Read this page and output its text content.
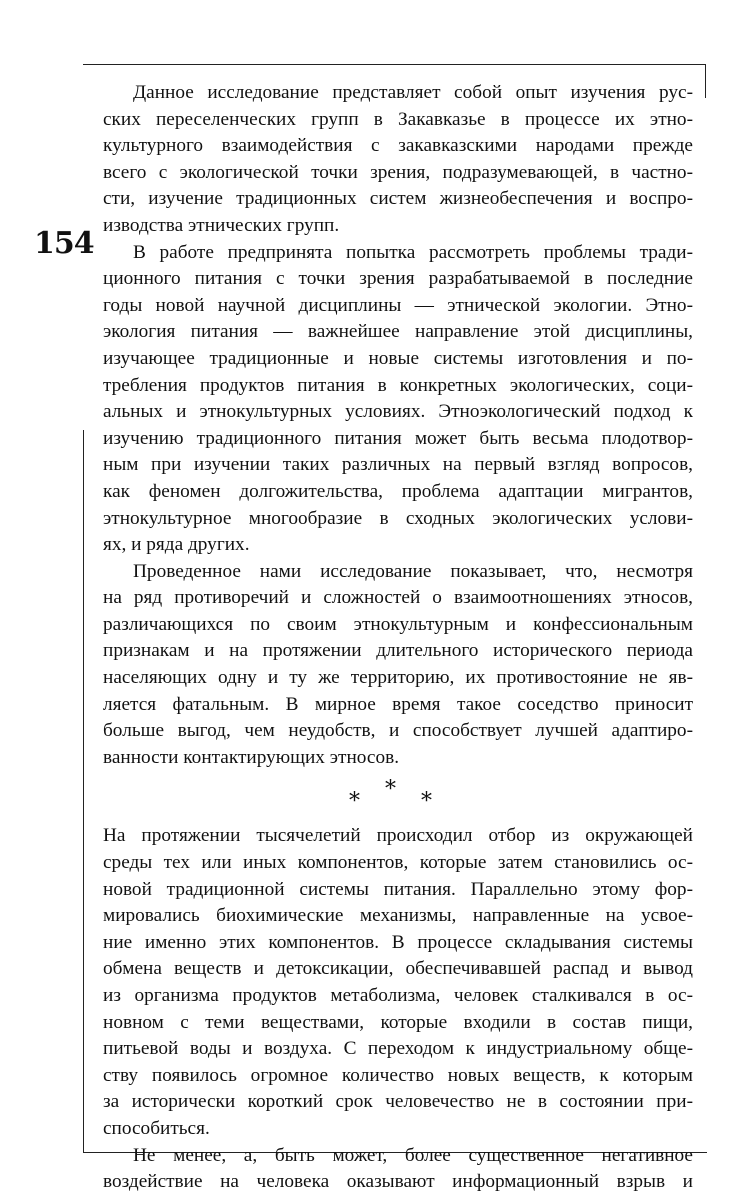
154

Данное исследование представляет собой опыт изучения рус-
ских переселенческих групп в Закавказье в процессе их этно-
культурного взаимодействия с закавказскими народами прежде
всего с экологической точки зрения, подразумевающей, в частно-
сти, изучение традиционных систем жизнеобеспечения и воспро-
изводства этнических групп.

В работе предпринята попытка рассмотреть проблемы тради-
ционного питания с точки зрения разрабатываемой в последние
годы новой научной дисциплины — этнической экологии. Этно-
экология питания — важнейшее направление этой дисциплины,
изучающее традиционные и новые системы изготовления и по-
требления продуктов питания в конкретных экологических, соци-
альных и этнокультурных условиях. Этноэкологический подход к
изучению традиционного питания может быть весьма плодотвор-
ным при изучении таких различных на первый взгляд вопросов,
как феномен долгожительства, проблема адаптации мигрантов,
этнокультурное многообразие в сходных экологических услови-
ях, и ряда других.

Проведенное нами исследование показывает, что, несмотря
на ряд противоречий и сложностей о взаимоотношениях этносов,
различающихся по своим этнокультурным и конфессиональным
признакам и на протяжении длительного исторического периода
населяющих одну и ту же территорию, их противостояние не яв-
ляется фатальным. В мирное время такое соседство приносит
больше выгод, чем неудобств, и способствует лучшей адаптиро-
ванности контактирующих этносов.

* * *

На протяжении тысячелетий происходил отбор из окружающей
среды тех или иных компонентов, которые затем становились ос-
новой традиционной системы питания. Параллельно этому фор-
мировались биохимические механизмы, направленные на усвое-
ние именно этих компонентов. В процессе складывания системы
обмена веществ и детоксикации, обеспечивавшей распад и вывод
из организма продуктов метаболизма, человек сталкивался в ос-
новном с теми веществами, которые входили в состав пищи,
питьевой воды и воздуха. С переходом к индустриальному обще-
ству появилось огромное количество новых веществ, к которым
за исторически короткий срок человечество не в состоянии при-
способиться.

Не менее, а, быть может, более существенное негативное
воздействие на человека оказывают информационный взрыв и
